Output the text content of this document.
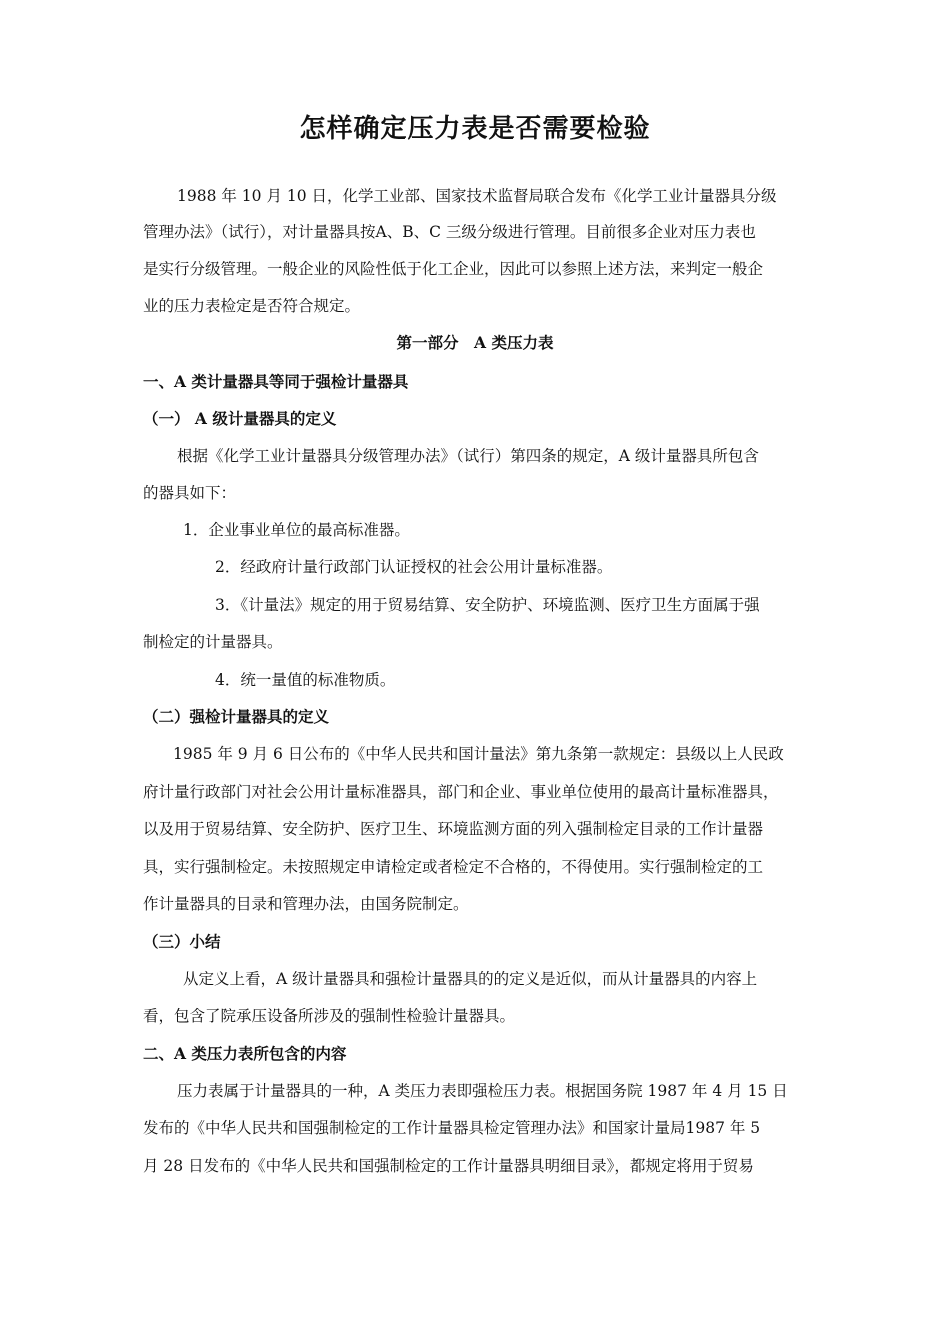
怎样确定压力表是否需要检验
1988 年 10 月 10 日，化学工业部、国家技术监督局联合发布《化学工业计量器具分级
管理办法》（试行），对计量器具按A、B、C 三级分级进行管理。目前很多企业对压力表也
是实行分级管理。一般企业的风险性低于化工企业，因此可以参照上述方法，来判定一般企
业的压力表检定是否符合规定。
第一部分　A 类压力表
一、A 类计量器具等同于强检计量器具
（一） A 级计量器具的定义
根据《化学工业计量器具分级管理办法》（试行）第四条的规定，A 级计量器具所包含
的器具如下：
1．企业事业单位的最高标准器。
2．经政府计量行政部门认证授权的社会公用计量标准器。
3．《计量法》规定的用于贸易结算、安全防护、环境监测、医疗卫生方面属于强
制检定的计量器具。
4．统一量值的标准物质。
（二）强检计量器具的定义
1985 年 9 月 6 日公布的《中华人民共和国计量法》第九条第一款规定：县级以上人民政
府计量行政部门对社会公用计量标准器具，部门和企业、事业单位使用的最高计量标准器具，
以及用于贸易结算、安全防护、医疗卫生、环境监测方面的列入强制检定目录的工作计量器
具，实行强制检定。未按照规定申请检定或者检定不合格的，不得使用。实行强制检定的工
作计量器具的目录和管理办法，由国务院制定。
（三）小结
从定义上看，A 级计量器具和强检计量器具的的定义是近似，而从计量器具的内容上
看，包含了院承压设备所涉及的强制性检验计量器具。
二、A 类压力表所包含的内容
压力表属于计量器具的一种，A 类压力表即强检压力表。根据国务院 1987 年 4 月 15 日
发布的《中华人民共和国强制检定的工作计量器具检定管理办法》和国家计量局1987 年 5
月 28 日发布的《中华人民共和国强制检定的工作计量器具明细目录》，都规定将用于贸易
